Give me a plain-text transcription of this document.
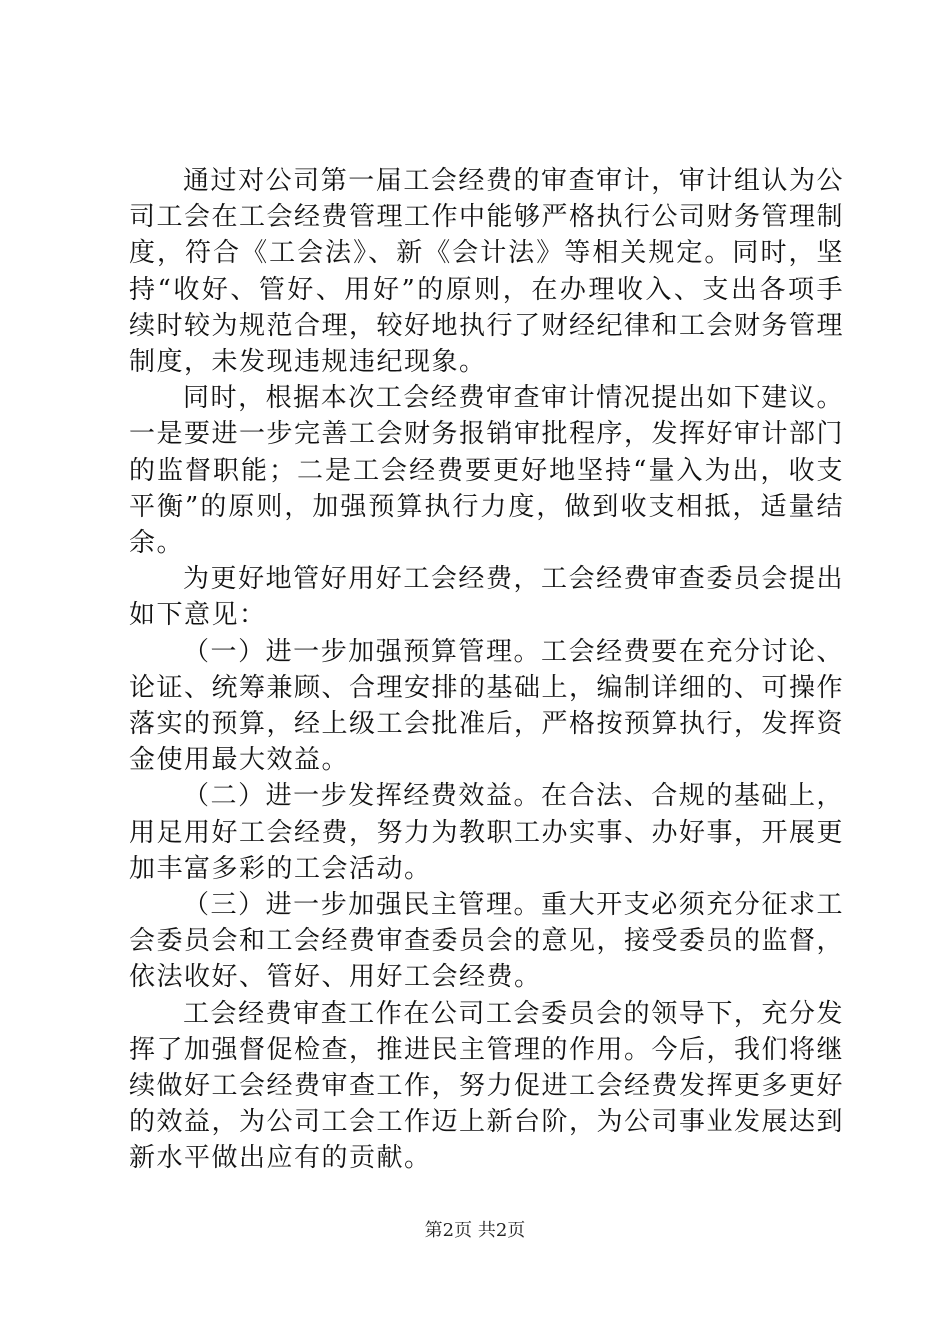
通过对公司第一届工会经费的审查审计，审计组认为公司工会在工会经费管理工作中能够严格执行公司财务管理制度，符合《工会法》、新《会计法》等相关规定。同时，坚持“收好、管好、用好”的原则，在办理收入、支出各项手续时较为规范合理，较好地执行了财经纪律和工会财务管理制度，未发现违规违纪现象。

同时，根据本次工会经费审查审计情况提出如下建议。一是要进一步完善工会财务报销审批程序，发挥好审计部门的监督职能；二是工会经费要更好地坚持“量入为出，收支平衡”的原则，加强预算执行力度，做到收支相抵，适量结余。

为更好地管好用好工会经费，工会经费审查委员会提出如下意见：

（一）进一步加强预算管理。工会经费要在充分讨论、论证、统筹兼顾、合理安排的基础上，编制详细的、可操作落实的预算，经上级工会批准后，严格按预算执行，发挥资金使用最大效益。

（二）进一步发挥经费效益。在合法、合规的基础上，用足用好工会经费，努力为教职工办实事、办好事，开展更加丰富多彩的工会活动。

（三）进一步加强民主管理。重大开支必须充分征求工会委员会和工会经费审查委员会的意见，接受委员的监督，依法收好、管好、用好工会经费。

工会经费审查工作在公司工会委员会的领导下，充分发挥了加强督促检查，推进民主管理的作用。今后，我们将继续做好工会经费审查工作，努力促进工会经费发挥更多更好的效益，为公司工会工作迈上新台阶，为公司事业发展达到新水平做出应有的贡献。

第2页 共2页
